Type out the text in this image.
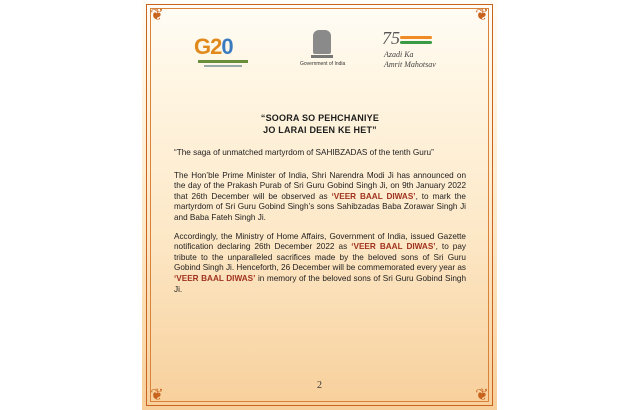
❦	❦
❦	❦
G20
Government of India
75
Azadi Ka
Amrit Mahotsav
“SOORA SO PEHCHANIYE
JO LARAI DEEN KE HET”

“The saga of unmatched martyrdom of SAHIBZADAS of the tenth Guru”

The Hon’ble Prime Minister of India, Shri Narendra Modi Ji has announced on the day of the Prakash Purab of Sri Guru Gobind Singh Ji, on 9th January 2022 that 26th December will be observed as ‘VEER BAAL DIWAS’, to mark the martyrdom of Sri Guru Gobind Singh’s sons Sahibzadas Baba Zorawar Singh Ji and Baba Fateh Singh Ji.

Accordingly, the Ministry of Home Affairs, Government of India, issued Gazette notification declaring 26th December 2022 as ‘VEER BAAL DIWAS’, to pay tribute to the unparalleled sacrifices made by the beloved sons of Sri Guru Gobind Singh Ji. Henceforth, 26 December will be commemorated every year as ‘VEER BAAL DIWAS’ in memory of the beloved sons of Sri Guru Gobind Singh Ji.

2
